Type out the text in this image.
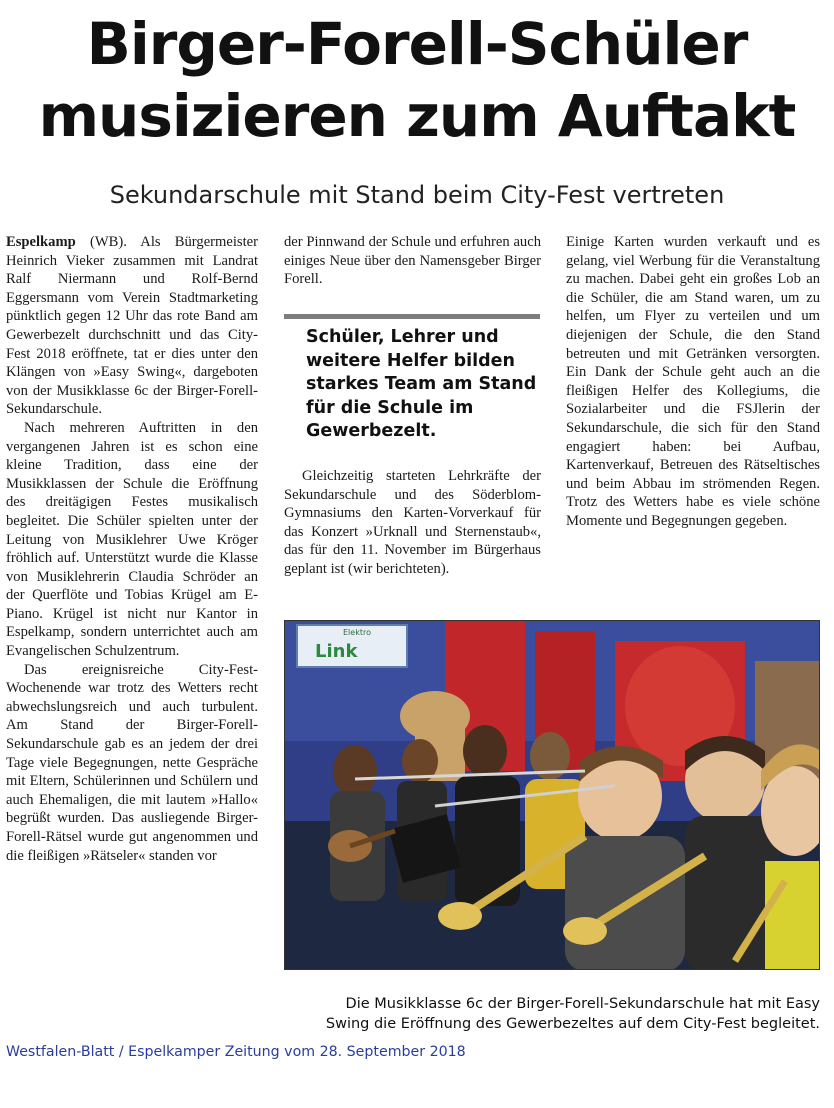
Birger-Forell-Schüler
musizieren zum Auftakt
Sekundarschule mit Stand beim City-Fest vertreten

Espelkamp (WB). Als Bürgermeister Heinrich Vieker zusammen mit Landrat Ralf Niermann und Rolf-Bernd Eggersmann vom Verein Stadtmarketing pünktlich gegen 12 Uhr das rote Band am Gewerbezelt durchschnitt und das City-Fest 2018 eröffnete, tat er dies unter den Klängen von »Easy Swing«, dargeboten von der Musikklasse 6c der Birger-Forell-Sekundarschule.

Nach mehreren Auftritten in den vergangenen Jahren ist es schon eine kleine Tradition, dass eine der Musikklassen der Schule die Eröffnung des dreitägigen Festes musikalisch begleitet. Die Schüler spielten unter der Leitung von Musiklehrer Uwe Kröger fröhlich auf. Unterstützt wurde die Klasse von Musiklehrerin Claudia Schröder an der Querflöte und Tobias Krügel am E-Piano. Krügel ist nicht nur Kantor in Espelkamp, sondern unterrichtet auch am Evangelischen Schulzentrum.

Das ereignisreiche City-Fest-Wochenende war trotz des Wetters recht abwechslungsreich und auch turbulent. Am Stand der Birger-Forell-Sekundarschule gab es an jedem der drei Tage viele Begegnungen, nette Gespräche mit Eltern, Schülerinnen und Schülern und auch Ehemaligen, die mit lautem »Hallo« begrüßt wurden. Das ausliegende Birger-Forell-Rätsel wurde gut angenommen und die fleißigen »Rätseler« standen vor

der Pinnwand der Schule und erfuhren auch einiges Neue über den Namensgeber Birger Forell.

Schüler, Lehrer und weitere Helfer bilden starkes Team am Stand für die Schule im Gewerbezelt.

Gleichzeitig starteten Lehrkräfte der Sekundarschule und des Söderblom-Gymnasiums den Karten-Vorverkauf für das Konzert »Urknall und Sternenstaub«, das für den 11. November im Bürgerhaus geplant ist (wir berichteten).

Einige Karten wurden verkauft und es gelang, viel Werbung für die Veranstaltung zu machen. Dabei geht ein großes Lob an die Schüler, die am Stand waren, um zu helfen, um Flyer zu verteilen und um diejenigen der Schule, die den Stand betreuten und mit Getränken versorgten. Ein Dank der Schule geht auch an die fleißigen Helfer des Kollegiums, die Sozialarbeiter und die FSJlerin der Sekundarschule, die sich für den Stand engagiert haben: bei Aufbau, Kartenverkauf, Betreuen des Rätseltisches und beim Abbau im strömenden Regen. Trotz des Wetters habe es viele schöne Momente und Begegnungen gegeben.

Elektro
Link
Die Musikklasse 6c der Birger-Forell-Sekundarschule hat mit Easy
Swing die Eröffnung des Gewerbezeltes auf dem City-Fest begleitet.
Westfalen-Blatt / Espelkamper Zeitung vom 28. September 2018
